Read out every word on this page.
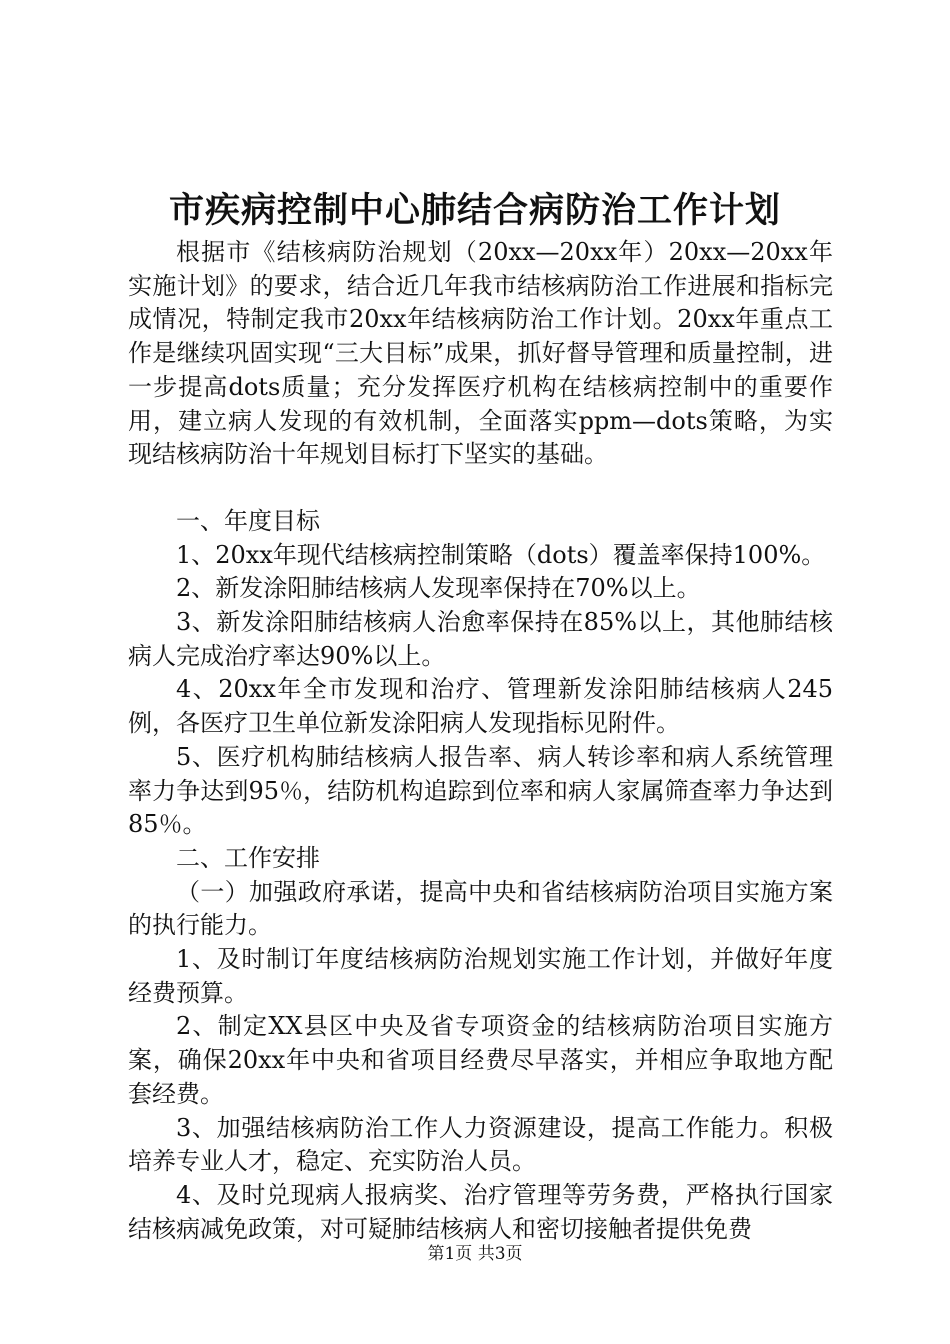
市疾病控制中心肺结合病防治工作计划

根据市《结核病防治规划（20xx—20xx年）20xx—20xx年实施计划》的要求，结合近几年我市结核病防治工作进展和指标完成情况，特制定我市20xx年结核病防治工作计划。20xx年重点工作是继续巩固实现“三大目标”成果，抓好督导管理和质量控制，进一步提高dots质量；充分发挥医疗机构在结核病控制中的重要作用，建立病人发现的有效机制，全面落实ppm—dots策略，为实现结核病防治十年规划目标打下坚实的基础。

一、年度目标

1、20xx年现代结核病控制策略（dots）覆盖率保持100%。

2、新发涂阳肺结核病人发现率保持在70%以上。

3、新发涂阳肺结核病人治愈率保持在85%以上，其他肺结核病人完成治疗率达90%以上。

4、20xx年全市发现和治疗、管理新发涂阳肺结核病人245例，各医疗卫生单位新发涂阳病人发现指标见附件。

5、医疗机构肺结核病人报告率、病人转诊率和病人系统管理率力争达到95％，结防机构追踪到位率和病人家属筛查率力争达到85％。

二、工作安排

（一）加强政府承诺，提高中央和省结核病防治项目实施方案的执行能力。

1、及时制订年度结核病防治规划实施工作计划，并做好年度经费预算。

2、制定XX县区中央及省专项资金的结核病防治项目实施方案，确保20xx年中央和省项目经费尽早落实，并相应争取地方配套经费。

3、加强结核病防治工作人力资源建设，提高工作能力。积极培养专业人才，稳定、充实防治人员。

4、及时兑现病人报病奖、治疗管理等劳务费，严格执行国家结核病减免政策，对可疑肺结核病人和密切接触者提供免费

第1页 共3页
